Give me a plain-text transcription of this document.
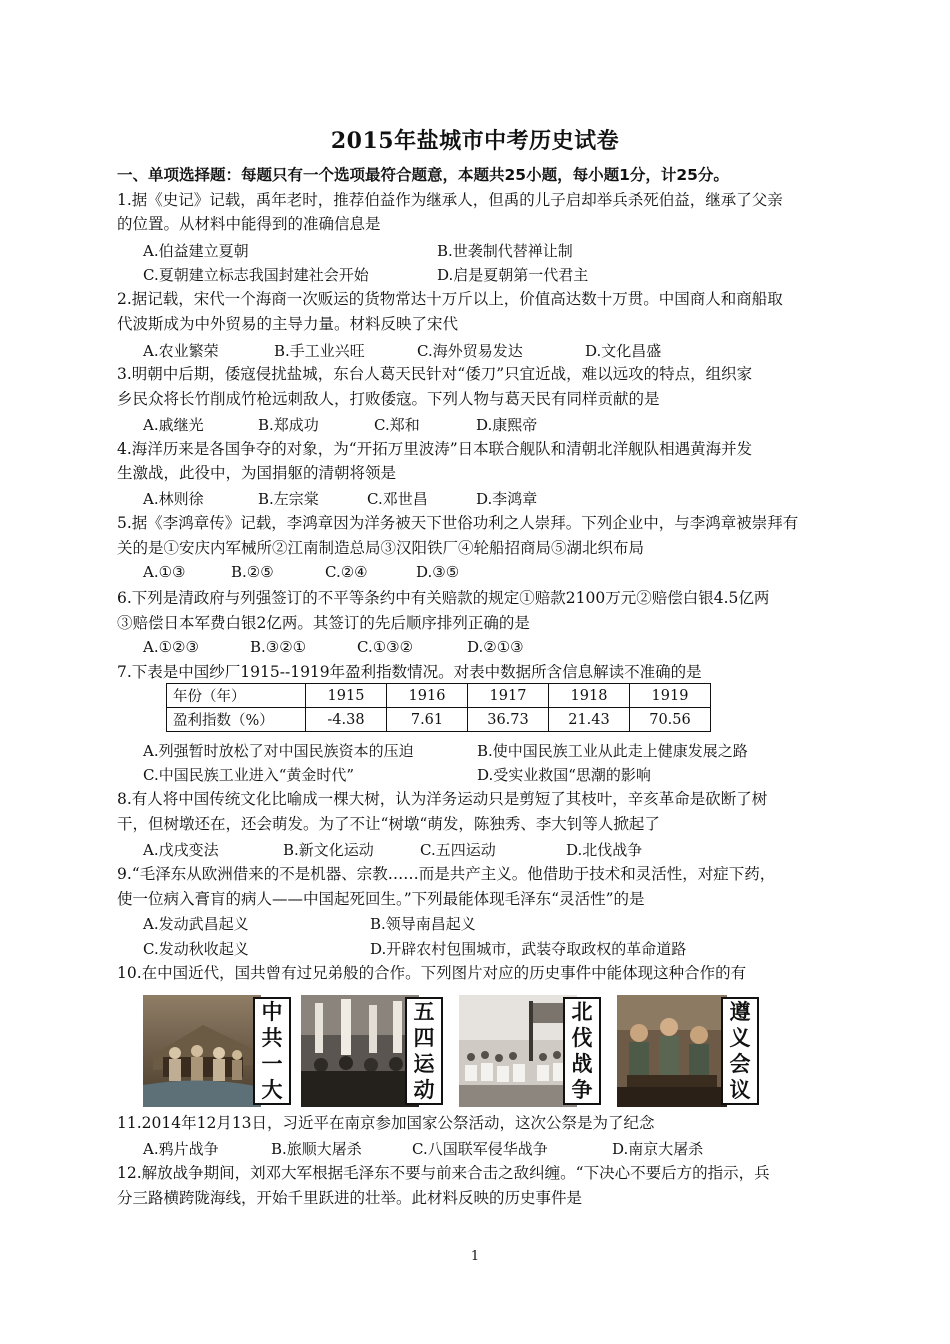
2015年盐城市中考历史试卷
一、单项选择题：每题只有一个选项最符合题意，本题共25小题，每小题1分，计25分。
1.据《史记》记载，禹年老时，推荐伯益作为继承人，但禹的儿子启却举兵杀死伯益，继承了父亲
的位置。从材料中能得到的准确信息是
A.伯益建立夏朝	B.世袭制代替禅让制
C.夏朝建立标志我国封建社会开始	D.启是夏朝第一代君主
2.据记载，宋代一个海商一次贩运的货物常达十万斤以上，价值高达数十万贯。中国商人和商船取
代波斯成为中外贸易的主导力量。材料反映了宋代
A.农业繁荣	B.手工业兴旺	C.海外贸易发达	D.文化昌盛
3.明朝中后期，倭寇侵扰盐城，东台人葛天民针对“倭刀”只宜近战，难以远攻的特点，组织家
乡民众将长竹削成竹枪远刺敌人，打败倭寇。下列人物与葛天民有同样贡献的是
A.戚继光	B.郑成功	C.郑和	D.康熙帝
4.海洋历来是各国争夺的对象，为“开拓万里波涛”日本联合舰队和清朝北洋舰队相遇黄海并发
生激战，此役中，为国捐躯的清朝将领是
A.林则徐	B.左宗棠	C.邓世昌	D.李鸿章
5.据《李鸿章传》记载，李鸿章因为洋务被天下世俗功利之人崇拜。下列企业中，与李鸿章被崇拜有
关的是①安庆内军械所②江南制造总局③汉阳铁厂④轮船招商局⑤湖北织布局
A.①③	B.②⑤	C.②④	D.③⑤
6.下列是清政府与列强签订的不平等条约中有关赔款的规定①赔款2100万元②赔偿白银4.5亿两
③赔偿日本军费白银2亿两。其签订的先后顺序排列正确的是
A.①②③	B.③②①	C.①③②	D.②①③
7.下表是中国纱厂1915--1919年盈利指数情况。对表中数据所含信息解读不准确的是
年份（年）	1915	1916	1917	1918	1919
盈利指数（%）	-4.38	7.61	36.73	21.43	70.56
A.列强暂时放松了对中国民族资本的压迫	B.使中国民族工业从此走上健康发展之路
C.中国民族工业进入“黄金时代”	D.受实业救国“思潮的影响
8.有人将中国传统文化比喻成一棵大树，认为洋务运动只是剪短了其枝叶，辛亥革命是砍断了树
干，但树墩还在，还会萌发。为了不让“树墩“萌发，陈独秀、李大钊等人掀起了
A.戊戌变法	B.新文化运动	C.五四运动	D.北伐战争
9.“毛泽东从欧洲借来的不是机器、宗教……而是共产主义。他借助于技术和灵活性，对症下药，
使一位病入膏肓的病人——中国起死回生。”下列最能体现毛泽东“灵活性”的是
A.发动武昌起义	B.领导南昌起义
C.发动秋收起义	D.开辟农村包围城市，武装夺取政权的革命道路
10.在中国近代，国共曾有过兄弟般的合作。下列图片对应的历史事件中能体现这种合作的有
中
共
一
大
五
四
运
动
北
伐
战
争
遵
义
会
议
11.2014年12月13日，习近平在南京参加国家公祭活动，这次公祭是为了纪念
A.鸦片战争	B.旅顺大屠杀	C.八国联军侵华战争	D.南京大屠杀
12.解放战争期间，刘邓大军根据毛泽东不要与前来合击之敌纠缠。“下决心不要后方的指示，兵
分三路横跨陇海线，开始千里跃进的壮举。此材料反映的历史事件是
1
